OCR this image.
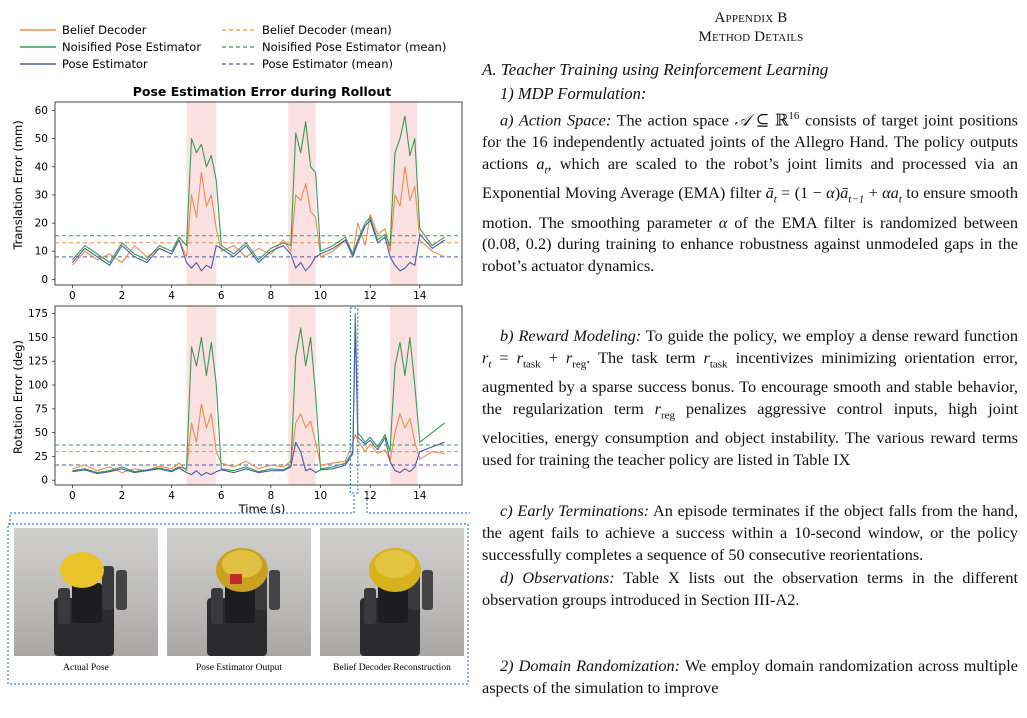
Belief Decoder	Belief Decoder (mean)
Noisified Pose Estimator	Noisified Pose Estimator (mean)
Pose Estimator	Pose Estimator (mean)
Pose Estimation Error during Rollout
0	2	4	6	8	10	12	14
0
10
20
30
40
50
60
0	2	4	6	8	10	12	14
0
25
50
75
100
125
150
175
Translation Error (mm)
Rotation Error (deg)
Time (s)
Actual Pose	Pose Estimator Output	Belief Decoder Reconstruction
Appendix B
Method Details
A. Teacher Training using Reinforcement Learning
1) MDP Formulation:
a) Action Space: The action space 𝒜 ⊆ ℝ$^{16}$ consists of target joint positions for the 16 independently actuated joints of the Allegro Hand. The policy outputs actions $a_t$, which are scaled to the robot’s joint limits and processed via an Exponential Moving Average (EMA) filter $ā_t = (1$ − $\alpha)ā_{t-1} + \alpha a_t$ to ensure smooth motion. The smoothing parameter α of the EMA filter is randomized between (0.08, 0.2) during training to enhance robustness against unmodeled gaps in the robot’s actuator dynamics.
b) Reward Modeling: To guide the policy, we employ a dense reward function $r_t = r_{task} + r_{reg}$. The task term $r_{task}$ incentivizes minimizing orientation error, augmented by a sparse success bonus. To encourage smooth and stable behavior, the regularization term $r_{reg}$ penalizes aggressive control inputs, high joint velocities, energy consumption and object instability. The various reward terms used for training the teacher policy are listed in Table IX
c) Early Terminations: An episode terminates if the object falls from the hand, the agent fails to achieve a success within a 10-second window, or the policy successfully completes a sequence of 50 consecutive reorientations.
d) Observations: Table X lists out the observation terms in the different observation groups introduced in Section III-A2.
2) Domain Randomization: We employ domain randomization across multiple aspects of the simulation to improve
